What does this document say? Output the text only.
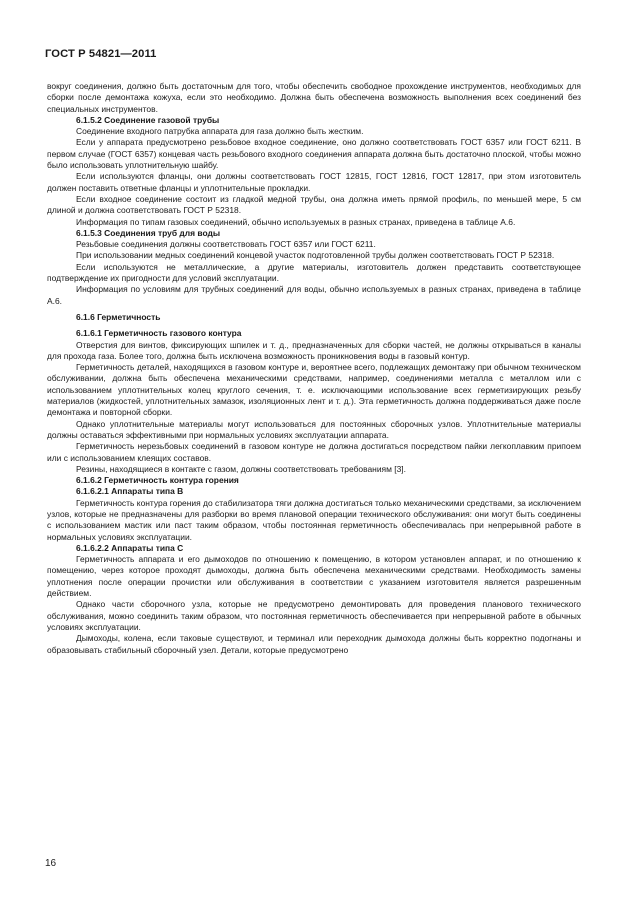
ГОСТ Р 54821—2011

вокруг соединения, должно быть достаточным для того, чтобы обеспечить свободное прохождение инструментов, необходимых для сборки после демонтажа кожуха, если это необходимо. Должна быть обеспечена возможность выполнения всех соединений без специальных инструментов.

6.1.5.2 Соединение газовой трубы

Соединение входного патрубка аппарата для газа должно быть жестким.

Если у аппарата предусмотрено резьбовое входное соединение, оно должно соответствовать ГОСТ 6357 или ГОСТ 6211. В первом случае (ГОСТ 6357) концевая часть резьбового входного соединения аппарата должна быть достаточно плоской, чтобы можно было использовать уплотнительную шайбу.

Если используются фланцы, они должны соответствовать ГОСТ 12815, ГОСТ 12816, ГОСТ 12817, при этом изготовитель должен поставить ответные фланцы и уплотнительные прокладки.

Если входное соединение состоит из гладкой медной трубы, она должна иметь прямой профиль, по меньшей мере, 5 см длиной и должна соответствовать ГОСТ Р 52318.

Информация по типам газовых соединений, обычно используемых в разных странах, приведена в таблице А.6.

6.1.5.3 Соединения труб для воды

Резьбовые соединения должны соответствовать ГОСТ 6357 или ГОСТ 6211.

При использовании медных соединений концевой участок подготовленной трубы должен соответствовать ГОСТ Р 52318.

Если используются не металлические, а другие материалы, изготовитель должен представить соответствующее подтверждение их пригодности для условий эксплуатации.

Информация по условиям для трубных соединений для воды, обычно используемых в разных странах, приведена в таблице А.6.

6.1.6 Герметичность

6.1.6.1 Герметичность газового контура

Отверстия для винтов, фиксирующих шпилек и т. д., предназначенных для сборки частей, не должны открываться в каналы для прохода газа. Более того, должна быть исключена возможность проникновения воды в газовый контур.

Герметичность деталей, находящихся в газовом контуре и, вероятнее всего, подлежащих демонтажу при обычном техническом обслуживании, должна быть обеспечена механическими средствами, например, соединениями металла с металлом или с использованием уплотнительных колец круглого сечения, т. е. исключающими использование всех герметизирующих резьбу материалов (жидкостей, уплотнительных замазок, изоляционных лент и т. д.). Эта герметичность должна поддерживаться даже после демонтажа и повторной сборки.

Однако уплотнительные материалы могут использоваться для постоянных сборочных узлов. Уплотнительные материалы должны оставаться эффективными при нормальных условиях эксплуатации аппарата.

Герметичность нерезьбовых соединений в газовом контуре не должна достигаться посредством пайки легкоплавким припоем или с использованием клеящих составов.

Резины, находящиеся в контакте с газом, должны соответствовать требованиям [3].

6.1.6.2 Герметичность контура горения

6.1.6.2.1 Аппараты типа В

Герметичность контура горения до стабилизатора тяги должна достигаться только механическими средствами, за исключением узлов, которые не предназначены для разборки во время плановой операции технического обслуживания: они могут быть соединены с использованием мастик или паст таким образом, чтобы постоянная герметичность обеспечивалась при непрерывной работе в нормальных условиях эксплуатации.

6.1.6.2.2 Аппараты типа С

Герметичность аппарата и его дымоходов по отношению к помещению, в котором установлен аппарат, и по отношению к помещению, через которое проходят дымоходы, должна быть обеспечена механическими средствами. Необходимость замены уплотнения после операции прочистки или обслуживания в соответствии с указанием изготовителя является разрешенным действием.

Однако части сборочного узла, которые не предусмотрено демонтировать для проведения планового технического обслуживания, можно соединить таким образом, что постоянная герметичность обеспечивается при непрерывной работе в обычных условиях эксплуатации.

Дымоходы, колена, если таковые существуют, и терминал или переходник дымохода должны быть корректно подогнаны и образовывать стабильный сборочный узел. Детали, которые предусмотрено

16
